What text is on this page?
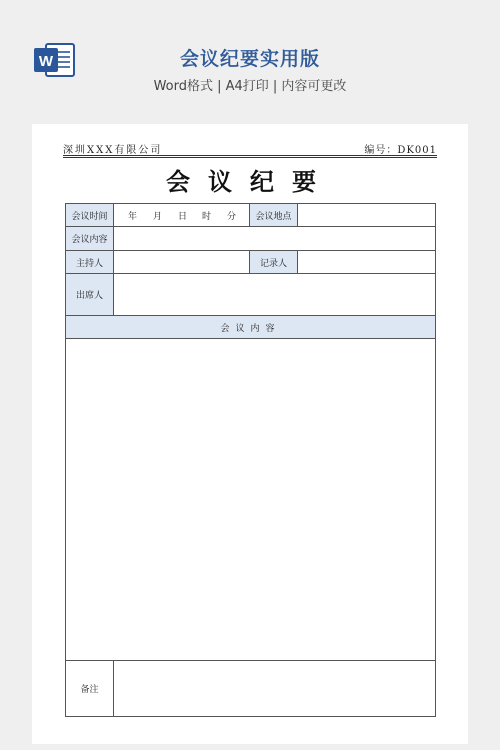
W	会议纪要实用版
Word格式 | A4打印 | 内容可更改
深圳XXX有限公司	编号：DK001
会议纪要
会议时间	年 月 日 时 分	会议地点	
会议内容			
主持人		记录人	
出席人			
会议内容			

备注			
